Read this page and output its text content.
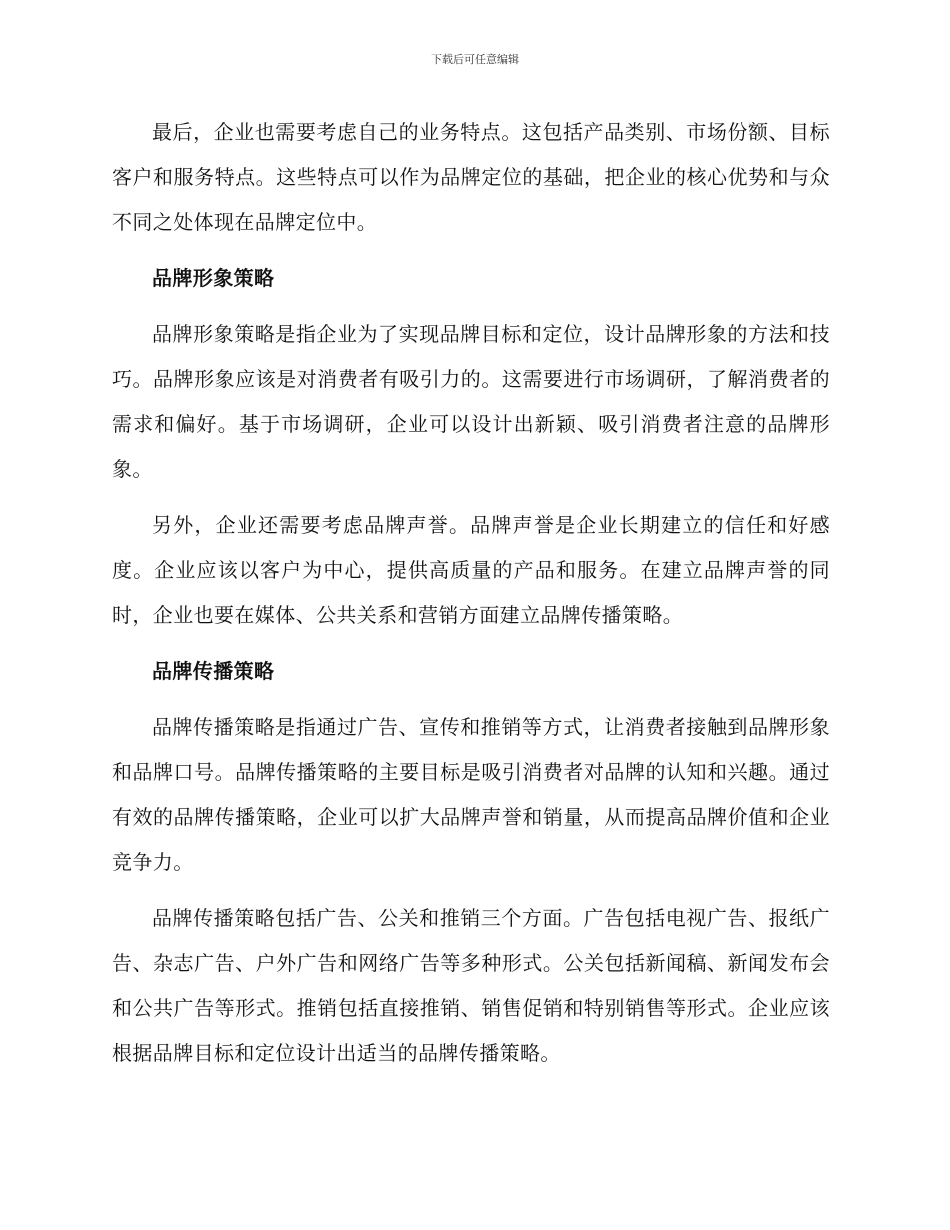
下载后可任意编辑

最后，企业也需要考虑自己的业务特点。这包括产品类别、市场份额、目标客户和服务特点。这些特点可以作为品牌定位的基础，把企业的核心优势和与众不同之处体现在品牌定位中。

品牌形象策略

品牌形象策略是指企业为了实现品牌目标和定位，设计品牌形象的方法和技巧。品牌形象应该是对消费者有吸引力的。这需要进行市场调研，了解消费者的需求和偏好。基于市场调研，企业可以设计出新颖、吸引消费者注意的品牌形象。

另外，企业还需要考虑品牌声誉。品牌声誉是企业长期建立的信任和好感度。企业应该以客户为中心，提供高质量的产品和服务。在建立品牌声誉的同时，企业也要在媒体、公共关系和营销方面建立品牌传播策略。

品牌传播策略

品牌传播策略是指通过广告、宣传和推销等方式，让消费者接触到品牌形象和品牌口号。品牌传播策略的主要目标是吸引消费者对品牌的认知和兴趣。通过有效的品牌传播策略，企业可以扩大品牌声誉和销量，从而提高品牌价值和企业竞争力。

品牌传播策略包括广告、公关和推销三个方面。广告包括电视广告、报纸广告、杂志广告、户外广告和网络广告等多种形式。公关包括新闻稿、新闻发布会和公共广告等形式。推销包括直接推销、销售促销和特别销售等形式。企业应该根据品牌目标和定位设计出适当的品牌传播策略。
